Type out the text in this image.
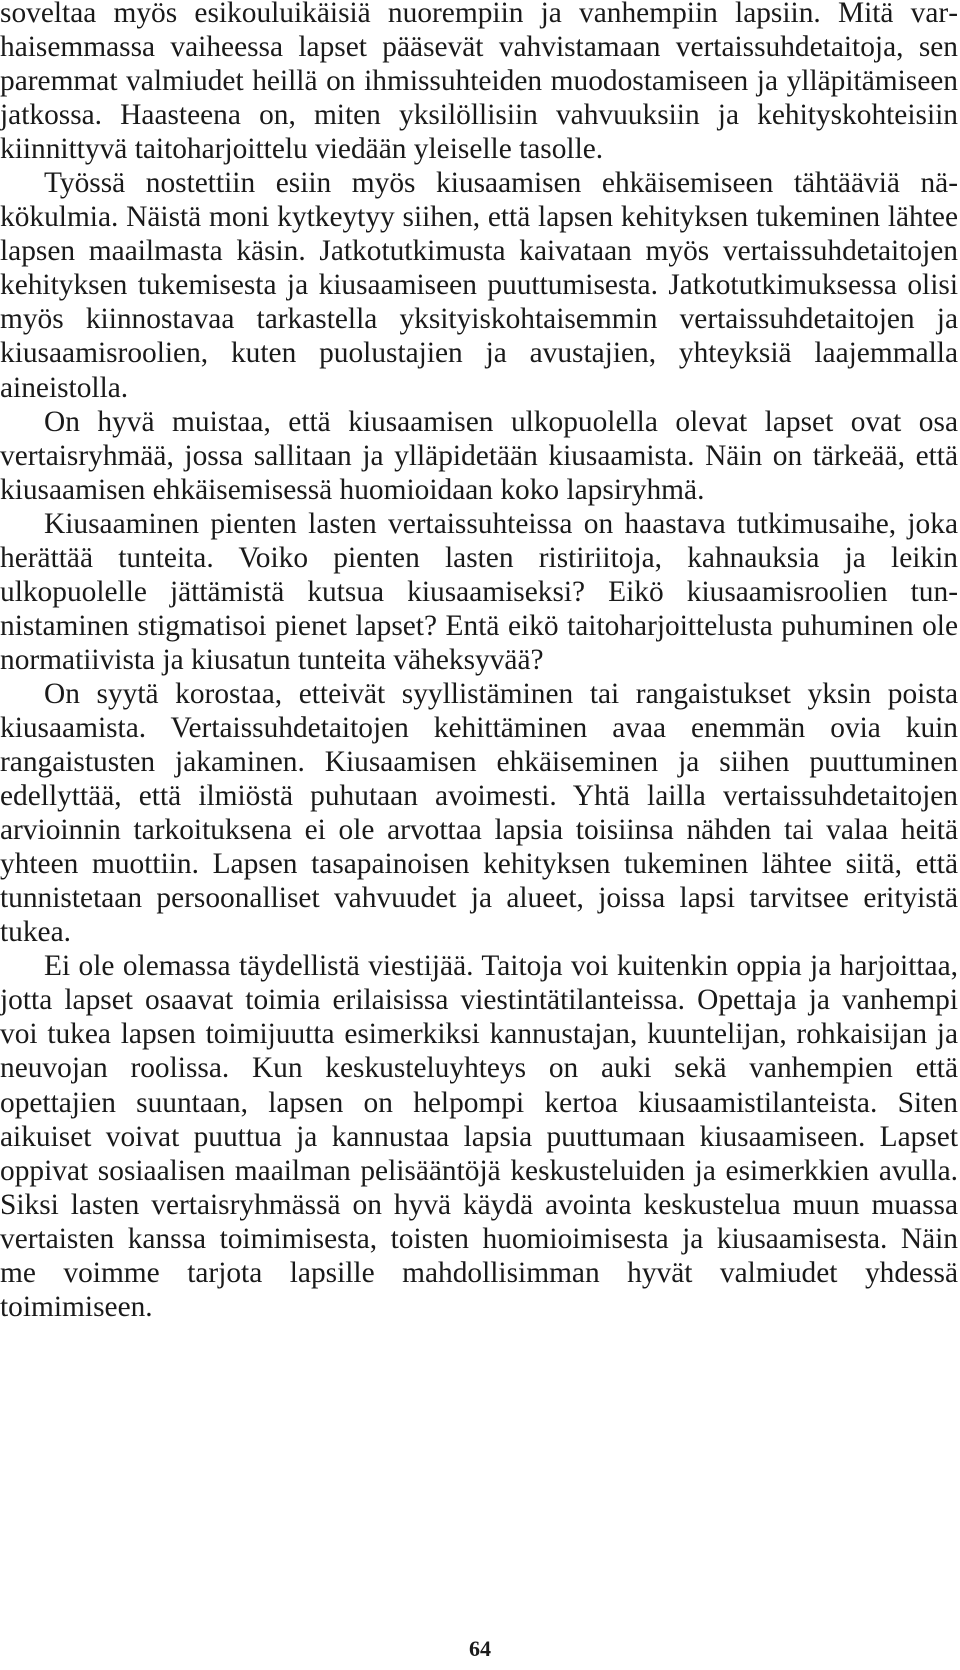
soveltaa myös esikouluikäisiä nuorempiin ja vanhempiin lapsiin. Mitä varhaisemmassa vaiheessa lapset pääsevät vahvistamaan vertaissuhdetaitoja, sen paremmat valmiudet heillä on ihmissuhteiden muodostamiseen ja ylläpitämiseen jatkossa. Haasteena on, miten yksilöllisiin vahvuuksiin ja kehityskohteisiin kiinnittyvä taitoharjoittelu viedään yleiselle tasolle.

Työssä nostettiin esiin myös kiusaamisen ehkäisemiseen tähtääviä näkökulmia. Näistä moni kytkeytyy siihen, että lapsen kehityksen tukeminen lähtee lapsen maailmasta käsin. Jatkotutkimusta kaivataan myös vertaissuhdetaitojen kehityksen tukemisesta ja kiusaamiseen puuttumisesta. Jatkotutkimuksessa olisi myös kiinnostavaa tarkastella yksityiskohtaisemmin vertaissuhdetaitojen ja kiusaamisroolien, kuten puolustajien ja avustajien, yhteyksiä laajemmalla aineistolla.

On hyvä muistaa, että kiusaamisen ulkopuolella olevat lapset ovat osa vertaisryhmää, jossa sallitaan ja ylläpidetään kiusaamista. Näin on tärkeää, että kiusaamisen ehkäisemisessä huomioidaan koko lapsiryhmä.

Kiusaaminen pienten lasten vertaissuhteissa on haastava tutkimusaihe, joka herättää tunteita. Voiko pienten lasten ristiriitoja, kahnauksia ja leikin ulkopuolelle jättämistä kutsua kiusaamiseksi? Eikö kiusaamisroolien tunnistaminen stigmatisoi pienet lapset? Entä eikö taitoharjoittelusta puhuminen ole normatiivista ja kiusatun tunteita väheksyvää?

On syytä korostaa, etteivät syyllistäminen tai rangaistukset yksin poista kiusaamista. Vertaissuhdetaitojen kehittäminen avaa enemmän ovia kuin rangaistusten jakaminen. Kiusaamisen ehkäiseminen ja siihen puuttuminen edellyttää, että ilmiöstä puhutaan avoimesti. Yhtä lailla vertaissuhdetaitojen arvioinnin tarkoituksena ei ole arvottaa lapsia toisiinsa nähden tai valaa heitä yhteen muottiin. Lapsen tasapainoisen kehityksen tukeminen lähtee siitä, että tunnistetaan persoonalliset vahvuudet ja alueet, joissa lapsi tarvitsee erityistä tukea.

Ei ole olemassa täydellistä viestijää. Taitoja voi kuitenkin oppia ja harjoittaa, jotta lapset osaavat toimia erilaisissa viestintätilanteissa. Opettaja ja vanhempi voi tukea lapsen toimijuutta esimerkiksi kannustajan, kuuntelijan, rohkaisijan ja neuvojan roolissa. Kun keskusteluyhteys on auki sekä vanhempien että opettajien suuntaan, lapsen on helpompi kertoa kiusaamistilanteista. Siten aikuiset voivat puuttua ja kannustaa lapsia puuttumaan kiusaamiseen. Lapset oppivat sosiaalisen maailman pelisääntöjä keskusteluiden ja esimerkkien avulla. Siksi lasten vertaisryhmässä on hyvä käydä avointa keskustelua muun muassa vertaisten kanssa toimimisesta, toisten huomioimisesta ja kiusaamisesta. Näin me voimme tarjota lapsille mahdollisimman hyvät valmiudet yhdessä toimimiseen.

64
